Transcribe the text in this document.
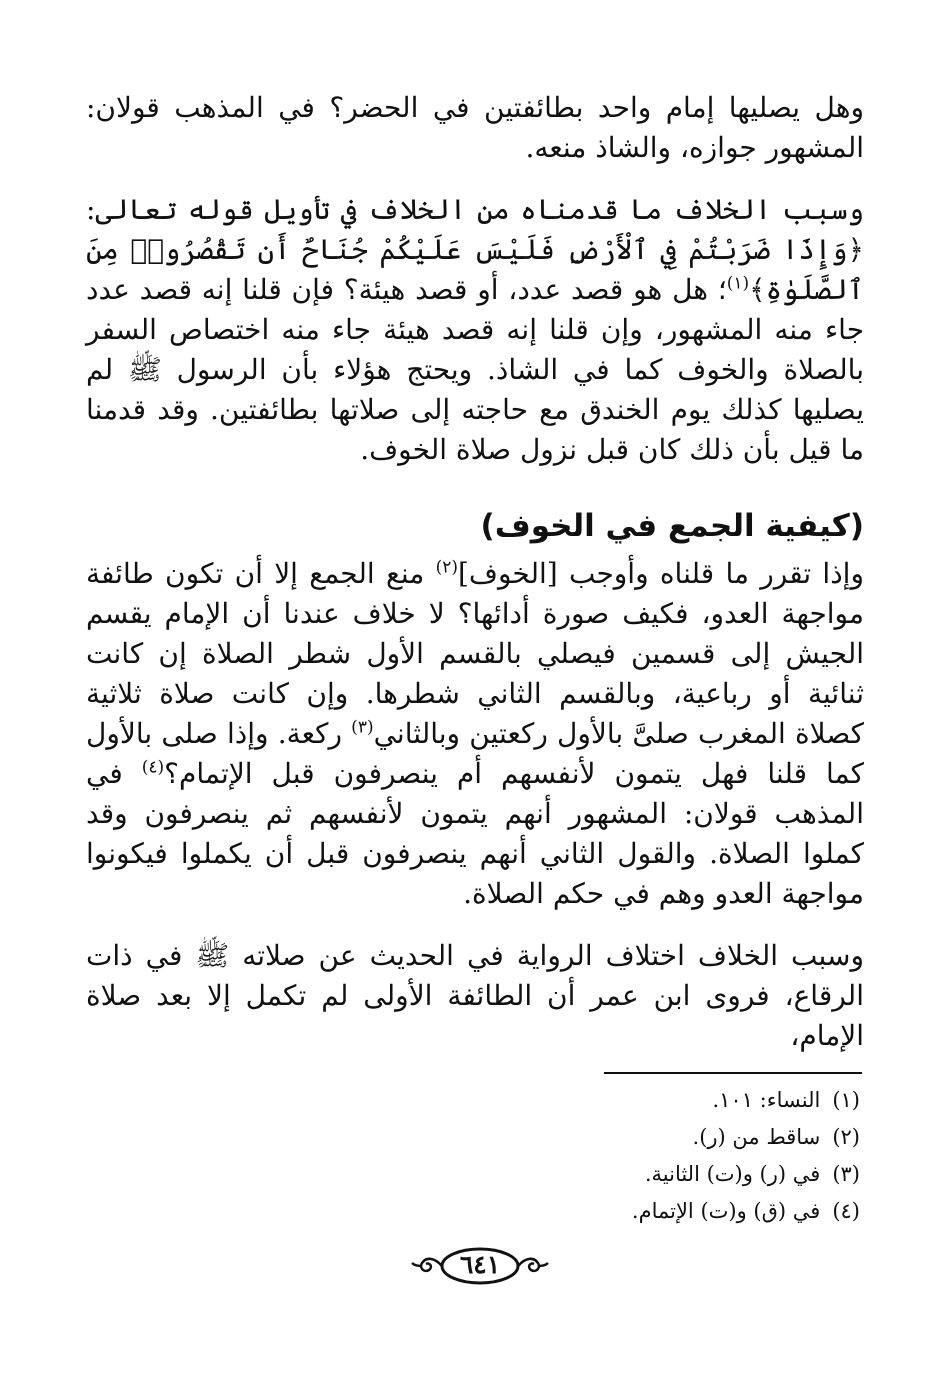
وهل يصليها إمام واحد بطائفتين في الحضر؟ في المذهب قولان: المشهور جوازه، والشاذ منعه.

وسبب الخلاف ما قدمناه من الخلاف في تأويل قوله تعالى: ﴿وَإِذَا ضَرَبْتُمْ فِي ٱلْأَرْضِ فَلَيْسَ عَلَيْكُمْ جُنَاحٌ أَن تَقْصُرُوا۟ مِنَ ٱلصَّلَوٰةِ﴾$^{(١)}$؛ هل هو قصد عدد، أو قصد هيئة؟ فإن قلنا إنه قصد عدد جاء منه المشهور، وإن قلنا إنه قصد هيئة جاء منه اختصاص السفر بالصلاة والخوف كما في الشاذ. ويحتج هؤلاء بأن الرسول ﷺ لم يصليها كذلك يوم الخندق مع حاجته إلى صلاتها بطائفتين. وقد قدمنا ما قيل بأن ذلك كان قبل نزول صلاة الخوف.

(كيفية الجمع في الخوف)

وإذا تقرر ما قلناه وأوجب [الخوف]$^{(٢)}$ منع الجمع إلا أن تكون طائفة مواجهة العدو، فكيف صورة أدائها؟ لا خلاف عندنا أن الإمام يقسم الجيش إلى قسمين فيصلي بالقسم الأول شطر الصلاة إن كانت ثنائية أو رباعية، وبالقسم الثاني شطرها. وإن كانت صلاة ثلاثية كصلاة المغرب صلىَّ بالأول ركعتين وبالثاني$^{(٣)}$ ركعة. وإذا صلى بالأول كما قلنا فهل يتمون لأنفسهم أم ينصرفون قبل الإتمام؟$^{(٤)}$ في المذهب قولان: المشهور أنهم يتمون لأنفسهم ثم ينصرفون وقد كملوا الصلاة. والقول الثاني أنهم ينصرفون قبل أن يكملوا فيكونوا مواجهة العدو وهم في حكم الصلاة.

وسبب الخلاف اختلاف الرواية في الحديث عن صلاته ﷺ في ذات الرقاع، فروى ابن عمر أن الطائفة الأولى لم تكمل إلا بعد صلاة الإمام،

(١)النساء: ١٠١.
(٢)ساقط من (ر).
(٣)في (ر) و(ت) الثانية.
(٤)في (ق) و(ت) الإتمام.
٦٤١
